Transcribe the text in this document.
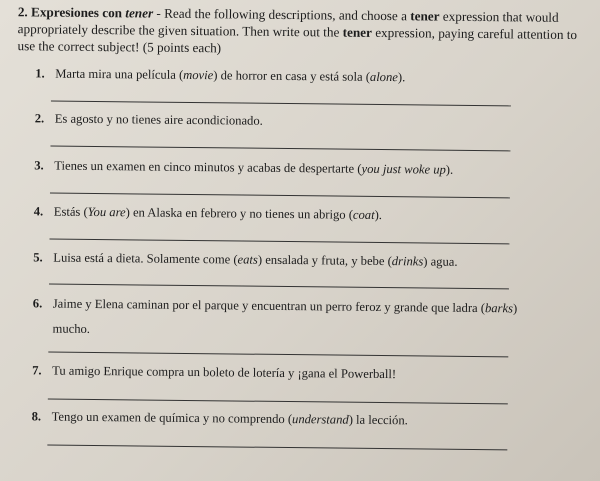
2. Expresiones con tener - Read the following descriptions, and choose a tener expression that would appropriately describe the given situation. Then write out the tener expression, paying careful attention to use the correct subject! (5 points each)
1. Marta mira una película (movie) de horror en casa y está sola (alone).
2. Es agosto y no tienes aire acondicionado.
3. Tienes un examen en cinco minutos y acabas de despertarte (you just woke up).
4. Estás (You are) en Alaska en febrero y no tienes un abrigo (coat).
5. Luisa está a dieta. Solamente come (eats) ensalada y fruta, y bebe (drinks) agua.
6. Jaime y Elena caminan por el parque y encuentran un perro feroz y grande que ladra (barks)
mucho.
7. Tu amigo Enrique compra un boleto de lotería y ¡gana el Powerball!
8. Tengo un examen de química y no comprendo (understand) la lección.
